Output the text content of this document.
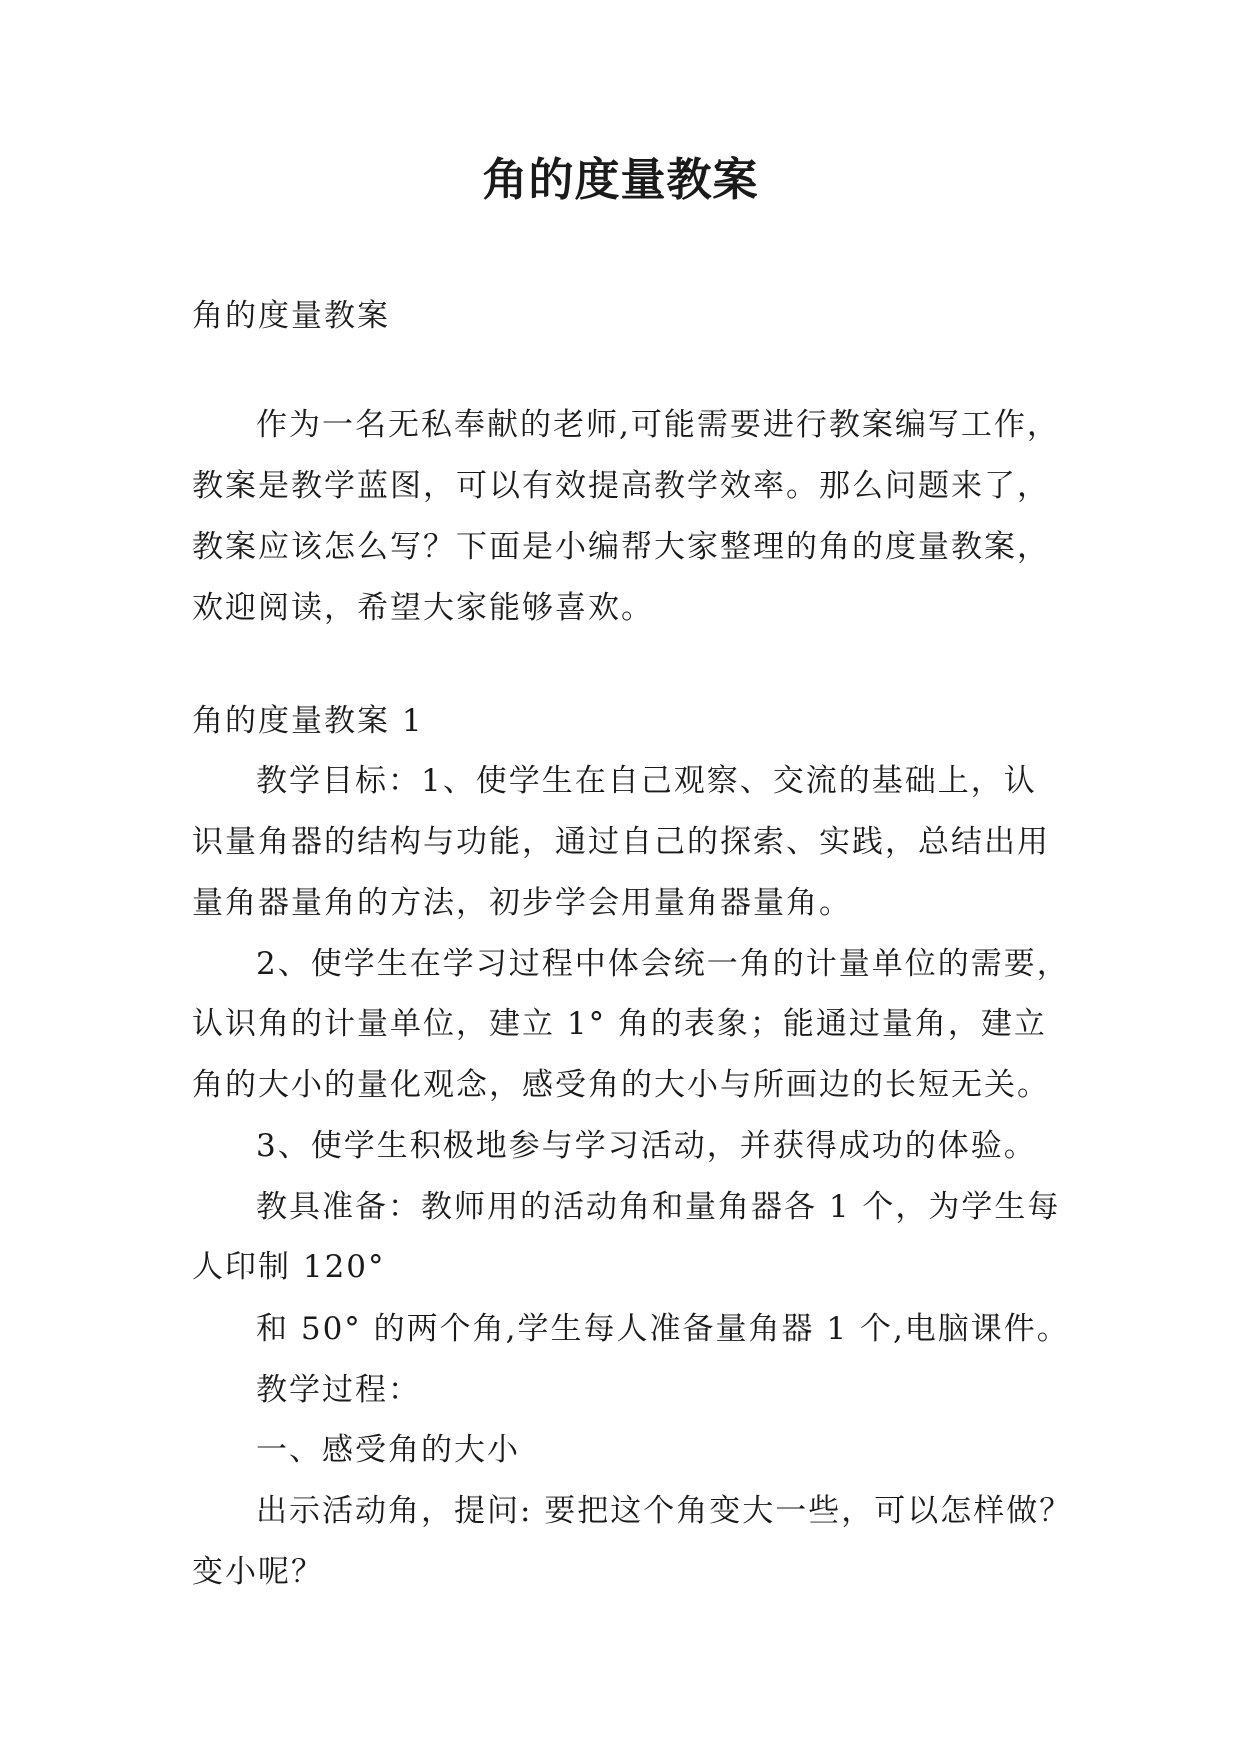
角的度量教案
角的度量教案
作为一名无私奉献的老师,可能需要进行教案编写工作，
教案是教学蓝图，可以有效提高教学效率。那么问题来了，
教案应该怎么写？下面是小编帮大家整理的角的度量教案，
欢迎阅读，希望大家能够喜欢。
角的度量教案 1
教学目标：1、使学生在自己观察、交流的基础上，认
识量角器的结构与功能，通过自己的探索、实践，总结出用
量角器量角的方法，初步学会用量角器量角。
2、使学生在学习过程中体会统一角的计量单位的需要，
认识角的计量单位，建立 1° 角的表象；能通过量角，建立
角的大小的量化观念，感受角的大小与所画边的长短无关。
3、使学生积极地参与学习活动，并获得成功的体验。
教具准备：教师用的活动角和量角器各 1 个，为学生每
人印制 120°
和 50° 的两个角,学生每人准备量角器 1 个,电脑课件。
教学过程：
一、感受角的大小
出示活动角，提问: 要把这个角变大一些，可以怎样做？
变小呢？
